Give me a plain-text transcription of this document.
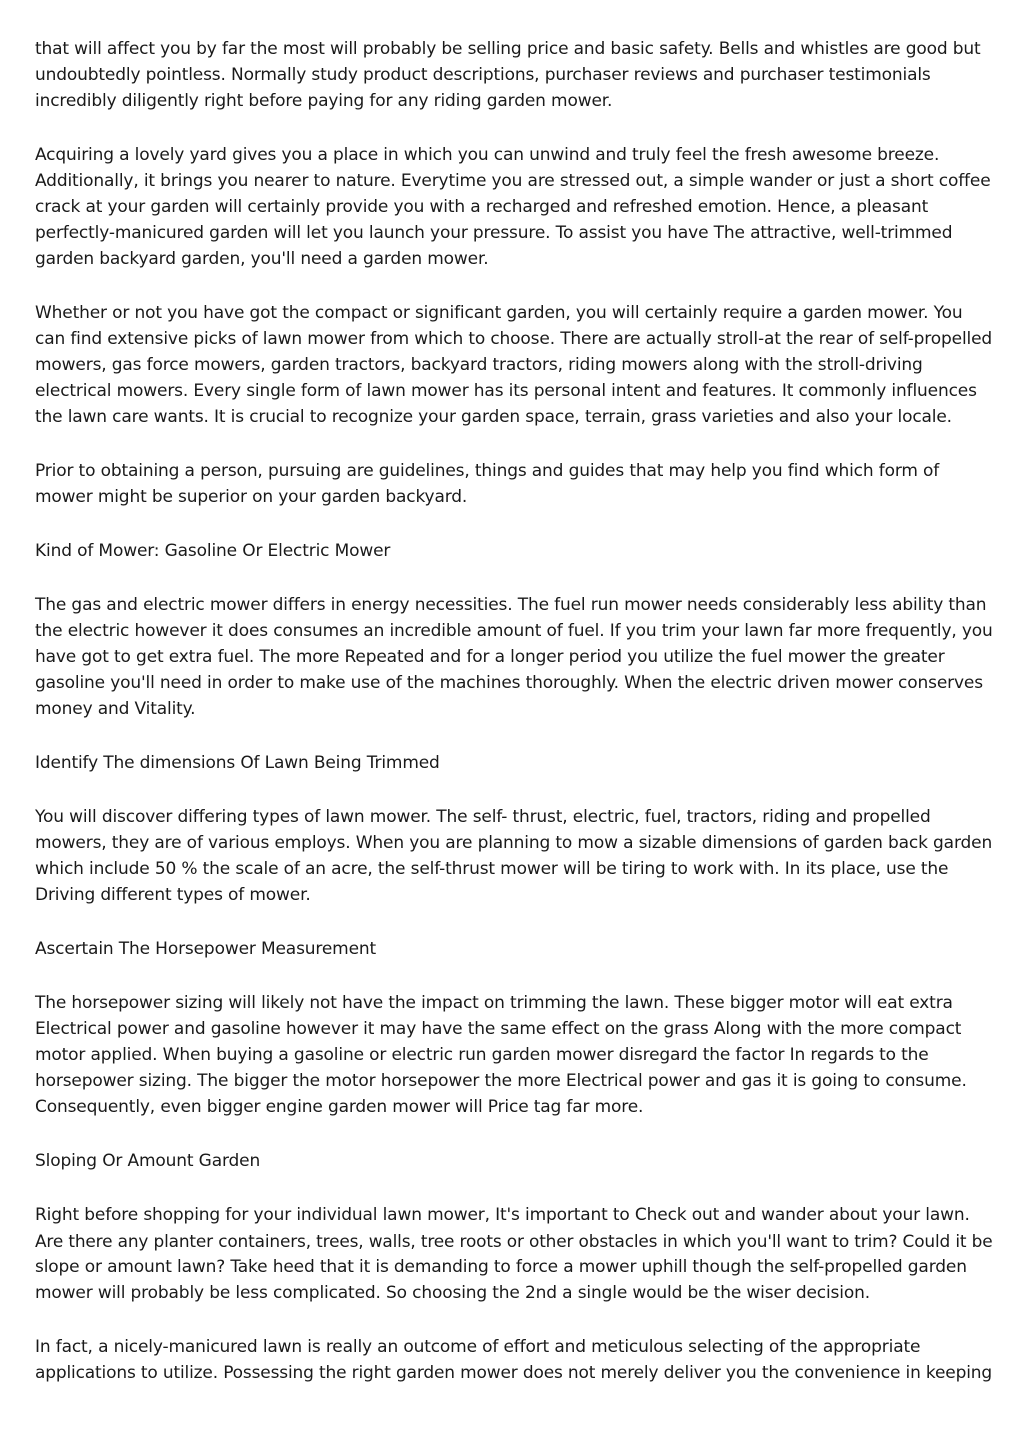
that will affect you by far the most will probably be selling price and basic safety. Bells and whistles are good but
undoubtedly pointless. Normally study product descriptions, purchaser reviews and purchaser testimonials
incredibly diligently right before paying for any riding garden mower.

Acquiring a lovely yard gives you a place in which you can unwind and truly feel the fresh awesome breeze.
Additionally, it brings you nearer to nature. Everytime you are stressed out, a simple wander or just a short coffee
crack at your garden will certainly provide you with a recharged and refreshed emotion. Hence, a pleasant
perfectly-manicured garden will let you launch your pressure. To assist you have The attractive, well-trimmed
garden backyard garden, you'll need a garden mower.

Whether or not you have got the compact or significant garden, you will certainly require a garden mower. You
can find extensive picks of lawn mower from which to choose. There are actually stroll-at the rear of self-propelled
mowers, gas force mowers, garden tractors, backyard tractors, riding mowers along with the stroll-driving
electrical mowers. Every single form of lawn mower has its personal intent and features. It commonly influences
the lawn care wants. It is crucial to recognize your garden space, terrain, grass varieties and also your locale.

Prior to obtaining a person, pursuing are guidelines, things and guides that may help you find which form of
mower might be superior on your garden backyard.

Kind of Mower: Gasoline Or Electric Mower

The gas and electric mower differs in energy necessities. The fuel run mower needs considerably less ability than
the electric however it does consumes an incredible amount of fuel. If you trim your lawn far more frequently, you
have got to get extra fuel. The more Repeated and for a longer period you utilize the fuel mower the greater
gasoline you'll need in order to make use of the machines thoroughly. When the electric driven mower conserves
money and Vitality.

Identify The dimensions Of Lawn Being Trimmed

You will discover differing types of lawn mower. The self- thrust, electric, fuel, tractors, riding and propelled
mowers, they are of various employs. When you are planning to mow a sizable dimensions of garden back garden
which include 50 % the scale of an acre, the self-thrust mower will be tiring to work with. In its place, use the
Driving different types of mower.

Ascertain The Horsepower Measurement

The horsepower sizing will likely not have the impact on trimming the lawn. These bigger motor will eat extra
Electrical power and gasoline however it may have the same effect on the grass Along with the more compact
motor applied. When buying a gasoline or electric run garden mower disregard the factor In regards to the
horsepower sizing. The bigger the motor horsepower the more Electrical power and gas it is going to consume.
Consequently, even bigger engine garden mower will Price tag far more.

Sloping Or Amount Garden

Right before shopping for your individual lawn mower, It's important to Check out and wander about your lawn.
Are there any planter containers, trees, walls, tree roots or other obstacles in which you'll want to trim? Could it be
slope or amount lawn? Take heed that it is demanding to force a mower uphill though the self-propelled garden
mower will probably be less complicated. So choosing the 2nd a single would be the wiser decision.

In fact, a nicely-manicured lawn is really an outcome of effort and meticulous selecting of the appropriate
applications to utilize. Possessing the right garden mower does not merely deliver you the convenience in keeping
